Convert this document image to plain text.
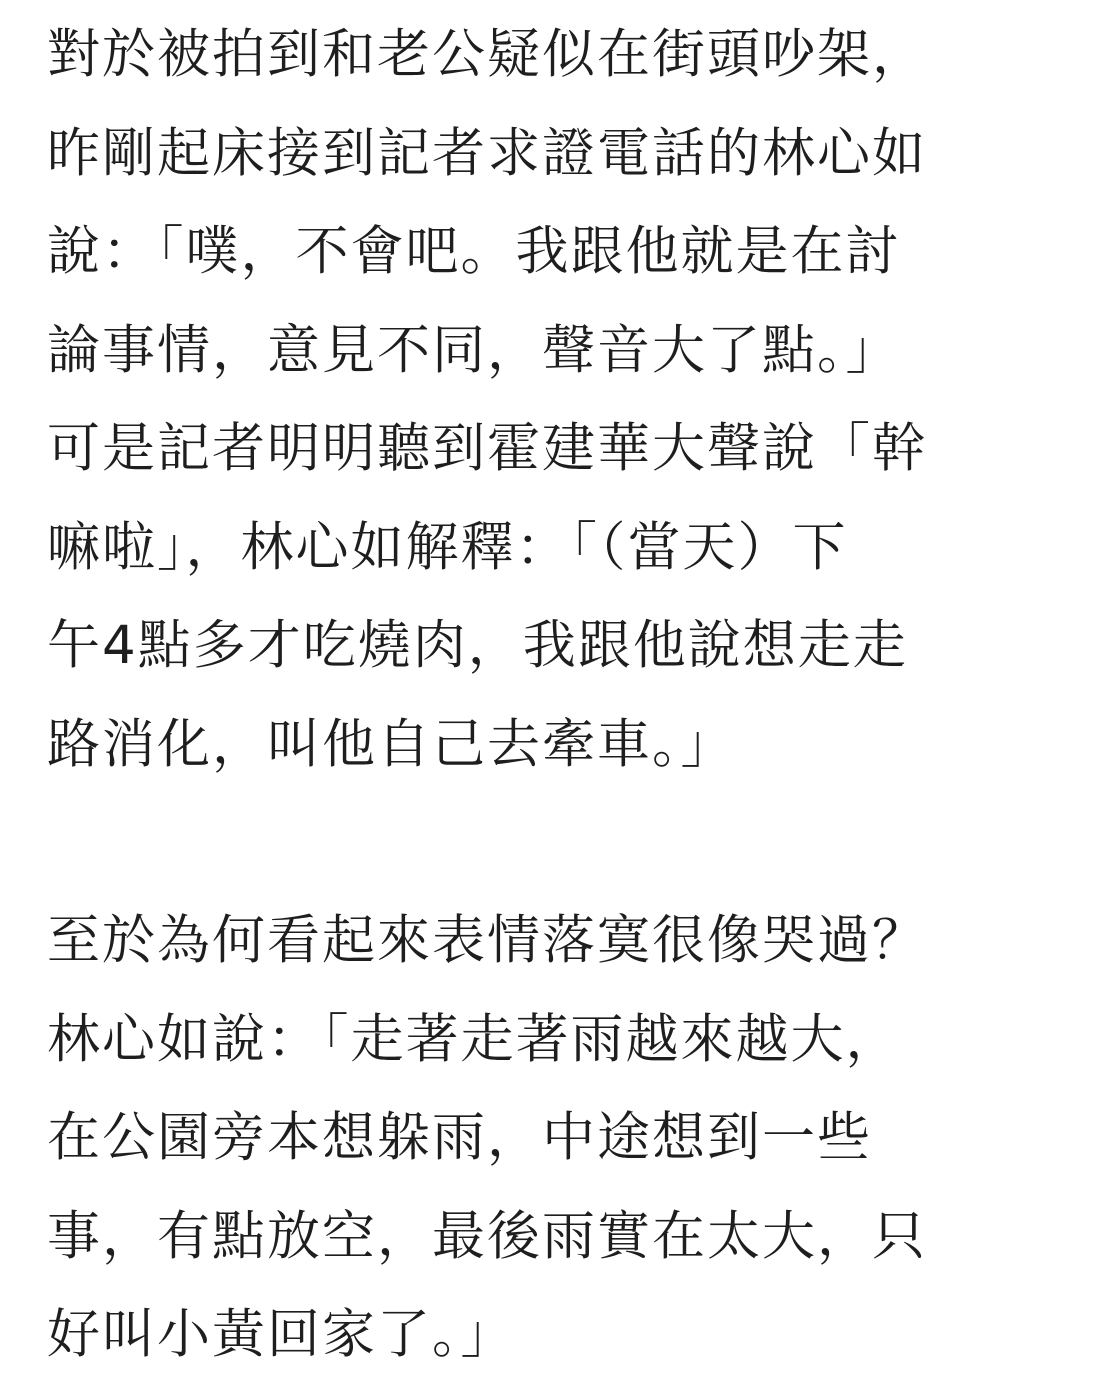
對於被拍到和老公疑似在街頭吵架，
昨剛起床接到記者求證電話的林心如
說：「噗，不會吧。我跟他就是在討
論事情，意見不同，聲音大了點。」
可是記者明明聽到霍建華大聲說「幹
嘛啦」，林心如解釋：「（當天）下
午4點多才吃燒肉，我跟他說想走走
路消化，叫他自己去牽車。」
至於為何看起來表情落寞很像哭過？
林心如說：「走著走著雨越來越大，
在公園旁本想躲雨，中途想到一些
事，有點放空，最後雨實在太大，只
好叫小黃回家了。」
